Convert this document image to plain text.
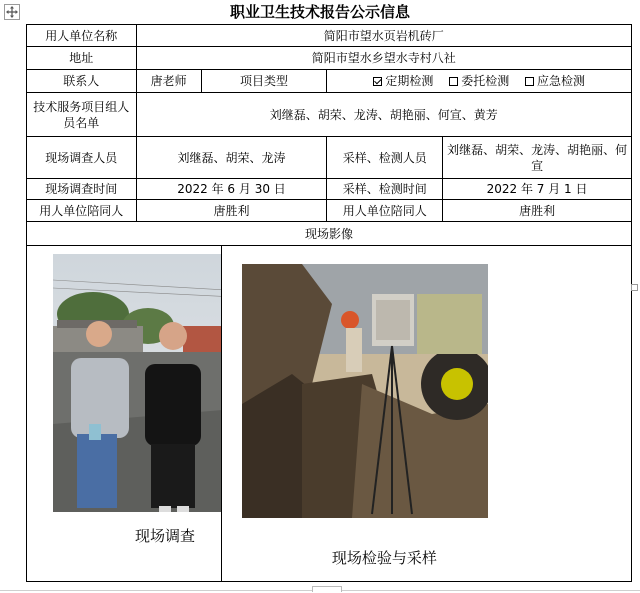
职业卫生技术报告公示信息
用人单位名称	简阳市望水页岩机砖厂				
地址	简阳市望水乡望水寺村八社				
联系人	唐老师	项目类型		定期检测 委托检测 应急检测	
技术服务项目组人员名单	刘继磊、胡荣、龙涛、胡艳丽、何宣、黄芳				
现场调查人员	刘继磊、胡荣、龙涛			采样、检测人员	刘继磊、胡荣、龙涛、胡艳丽、何宣
现场调查时间	2022 年 6 月 30 日			采样、检测时间	2022 年 7 月 1 日
用人单位陪同人	唐胜利			用人单位陪同人	唐胜利
现场影像					

现场调查			现场检验与采样		
